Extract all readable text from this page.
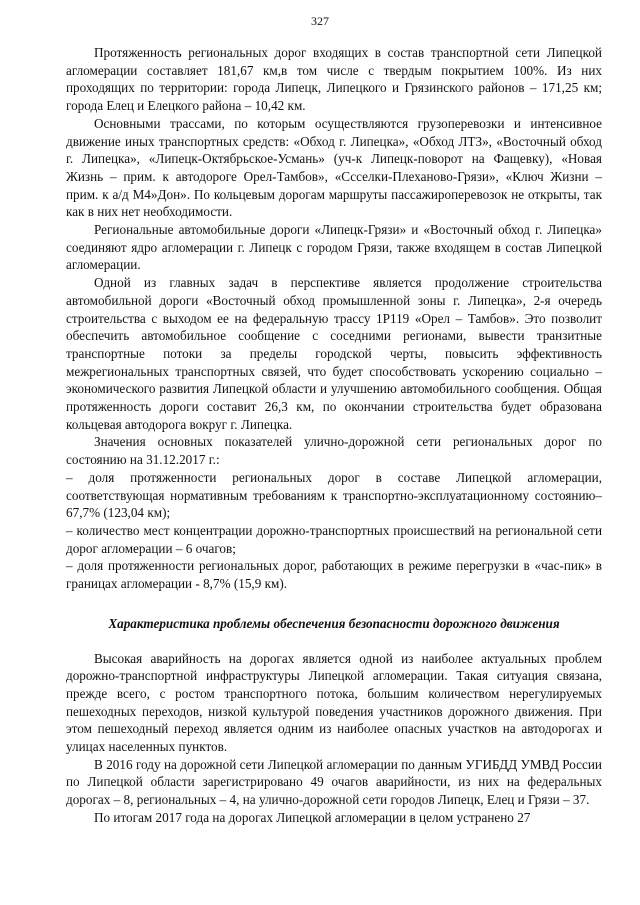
327

Протяженность региональных дорог входящих в состав транспортной сети Липецкой агломерации составляет 181,67 км,в том числе с твердым покрытием 100%. Из них проходящих по территории: города Липецк, Липецкого и Грязинского районов – 171,25 км; города Елец и Елецкого района – 10,42 км.

Основными трассами, по которым осуществляются грузоперевозки и интенсивное движение иных транспортных средств: «Обход г. Липецка», «Обход ЛТЗ», «Восточный обход г. Липецка», «Липецк-Октябрьское-Усмань» (уч-к Липецк-поворот на Фащевку), «Новая Жизнь – прим. к автодороге Орел-Тамбов», «Ссселки-Плеханово-Грязи», «Ключ Жизни – прим. к а/д М4»Дон». По кольцевым дорогам маршруты пассажироперевозок не открыты, так как в них нет необходимости.

Региональные автомобильные дороги «Липецк-Грязи» и «Восточный обход г. Липецка» соединяют ядро агломерации г. Липецк с городом Грязи, также входящем в состав Липецкой агломерации.

Одной из главных задач в перспективе является продолжение строительства автомобильной дороги «Восточный обход промышленной зоны г. Липецка», 2-я очередь строительства с выходом ее на федеральную трассу 1Р119 «Орел – Тамбов». Это позволит обеспечить автомобильное сообщение с соседними регионами, вывести транзитные транспортные потоки за пределы городской черты, повысить эффективность межрегиональных транспортных связей, что будет способствовать ускорению социально – экономического развития Липецкой области и улучшению автомобильного сообщения. Общая протяженность дороги составит 26,3 км, по окончании строительства будет образована кольцевая автодорога вокруг г. Липецка.

Значения основных показателей улично-дорожной сети региональных дорог по состоянию на 31.12.2017 г.:

– доля протяженности региональных дорог в составе Липецкой агломерации, соответствующая нормативным требованиям к транспортно-эксплуатационному состоянию–67,7% (123,04 км);

– количество мест концентрации дорожно-транспортных происшествий на региональной сети дорог агломерации – 6 очагов;

– доля протяженности региональных дорог, работающих в режиме перегрузки в «час-пик» в границах агломерации - 8,7% (15,9 км).

Характеристика проблемы обеспечения безопасности дорожного движения

Высокая аварийность на дорогах является одной из наиболее актуальных проблем дорожно-транспортной инфраструктуры Липецкой агломерации. Такая ситуация связана, прежде всего, с ростом транспортного потока, большим количеством нерегулируемых пешеходных переходов, низкой культурой поведения участников дорожного движения. При этом пешеходный переход является одним из наиболее опасных участков на автодорогах и улицах населенных пунктов.

В 2016 году на дорожной сети Липецкой агломерации по данным УГИБДД УМВД России по Липецкой области зарегистрировано 49 очагов аварийности, из них на федеральных дорогах – 8, региональных – 4, на улично-дорожной сети городов Липецк, Елец и Грязи – 37.

По итогам 2017 года на дорогах Липецкой агломерации в целом устранено 27
